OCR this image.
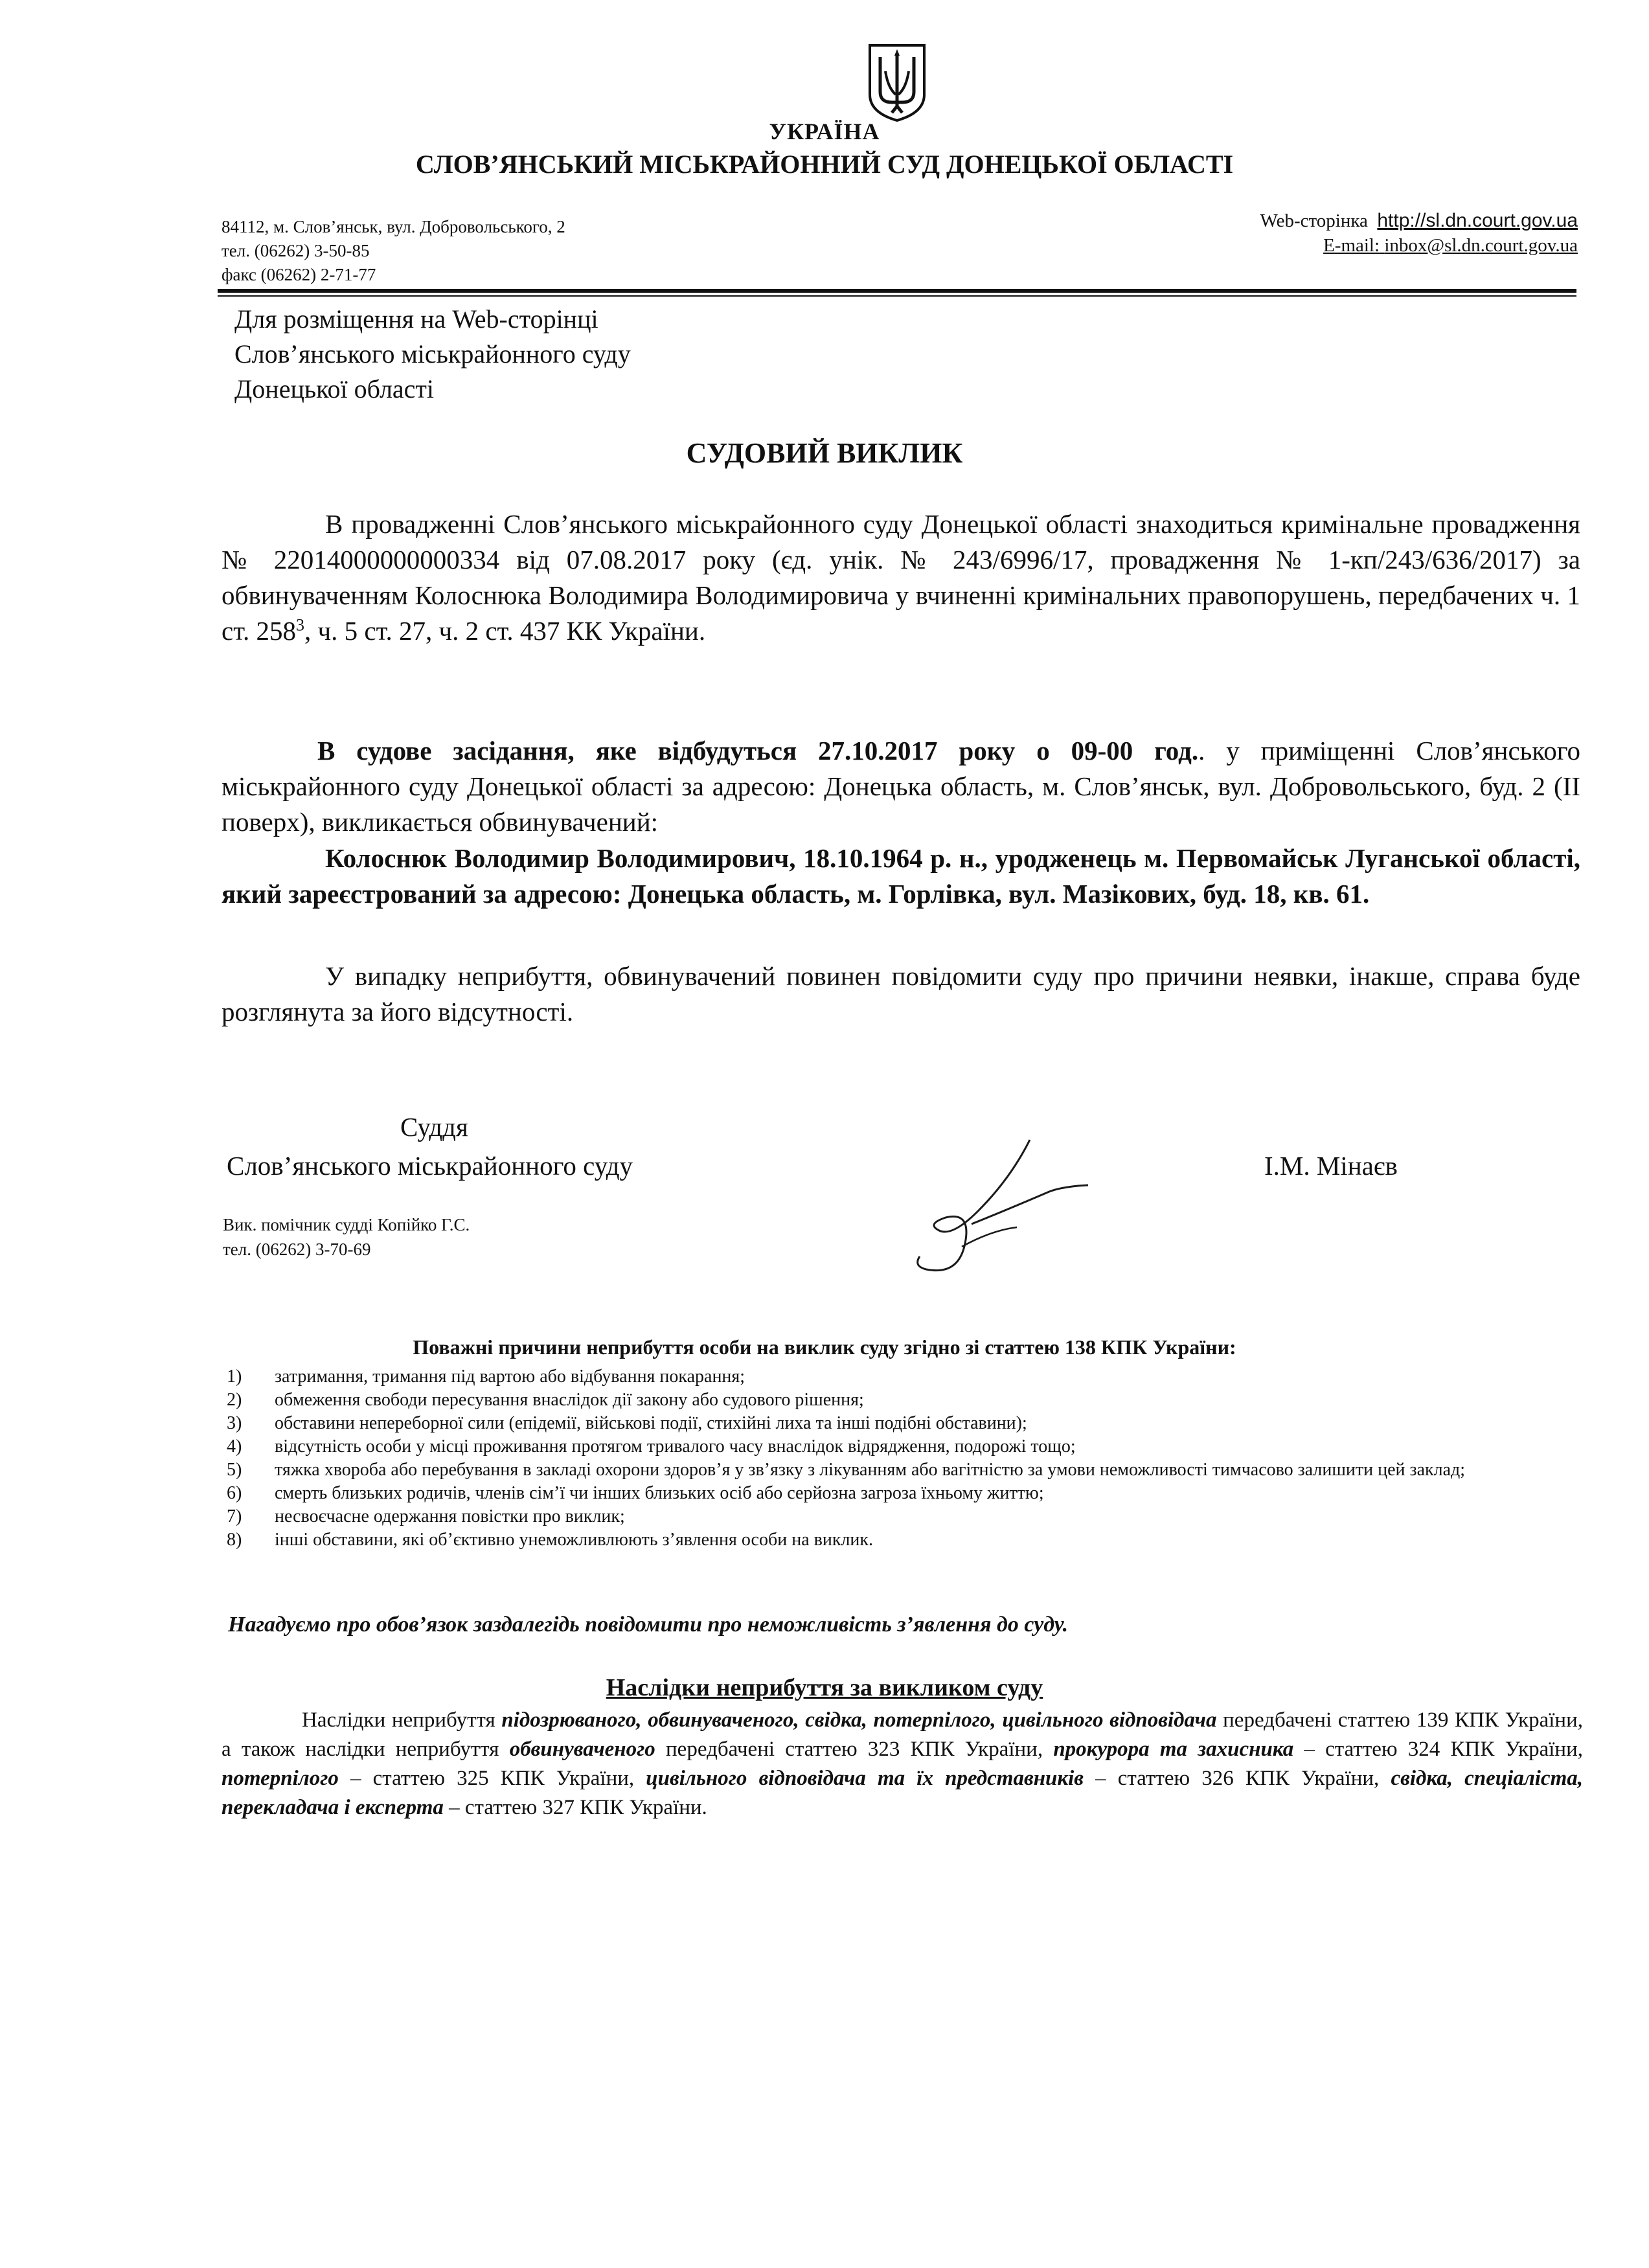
УКРАЇНА
СЛОВ’ЯНСЬКИЙ МІСЬКРАЙОННИЙ СУД ДОНЕЦЬКОЇ ОБЛАСТІ
84112, м. Слов’янськ, вул. Добровольського, 2
тел. (06262) 3-50-85
факс (06262) 2-71-77
Web-сторінка http://sl.dn.court.gov.ua
E-mail: inbox@sl.dn.court.gov.ua
Для розміщення на Web-сторінці
Слов’янського міськрайонного суду
Донецької області
СУДОВИЙ ВИКЛИК
В провадженні Слов’янського міськрайонного суду Донецької області знаходиться кримінальне провадження № 22014000000000334 від 07.08.2017 року (єд. унік. № 243/6996/17, провадження № 1-кп/243/636/2017) за обвинуваченням Колоснюка Володимира Володимировича у вчиненні кримінальних правопорушень, передбачених ч. 1 ст. $258^3$, ч. 5 ст. 27, ч. 2 ст. 437 КК України.
В судове засідання, яке відбудуться 27.10.2017 року о 09-00 год.. у приміщенні Слов’янського міськрайонного суду Донецької області за адресою: Донецька область, м. Слов’янськ, вул. Добровольського, буд. 2 (ІІ поверх), викликається обвинувачений:
Колоснюк Володимир Володимирович, 18.10.1964 р. н., уродженець м. Первомайськ Луганської області, який зареєстрований за адресою: Донецька область, м. Горлівка, вул. Мазікових, буд. 18, кв. 61.
У випадку неприбуття, обвинувачений повинен повідомити суду про причини неявки, інакше, справа буде розглянута за його відсутності.
Суддя
Слов’янського міськрайонного суду	І.М. Мінаєв
Вик. помічник судді Копійко Г.С.
тел. (06262) 3-70-69
Поважні причини неприбуття особи на виклик суду згідно зі статтею 138 КПК України:
1) затримання, тримання під вартою або відбування покарання;
2) обмеження свободи пересування внаслідок дії закону або судового рішення;
3) обставини непереборної сили (епідемії, військові події, стихійні лиха та інші подібні обставини);
4) відсутність особи у місці проживання протягом тривалого часу внаслідок відрядження, подорожі тощо;
5) тяжка хвороба або перебування в закладі охорони здоров’я у зв’язку з лікуванням або вагітністю за умови неможливості тимчасово залишити цей заклад;
6) смерть близьких родичів, членів сім’ї чи інших близьких осіб або серйозна загроза їхньому життю;
7) несвоєчасне одержання повістки про виклик;
8) інші обставини, які об’єктивно унеможливлюють з’явлення особи на виклик.
Нагадуємо про обов’язок заздалегідь повідомити про неможливість з’явлення до суду.
Наслідки неприбуття за викликом суду
Наслідки неприбуття підозрюваного, обвинуваченого, свідка, потерпілого, цивільного відповідача передбачені статтею 139 КПК України, а також наслідки неприбуття обвинуваченого передбачені статтею 323 КПК України, прокурора та захисника – статтею 324 КПК України, потерпілого – статтею 325 КПК України, цивільного відповідача та їх представників – статтею 326 КПК України, свідка, спеціаліста, перекладача і експерта – статтею 327 КПК України.
